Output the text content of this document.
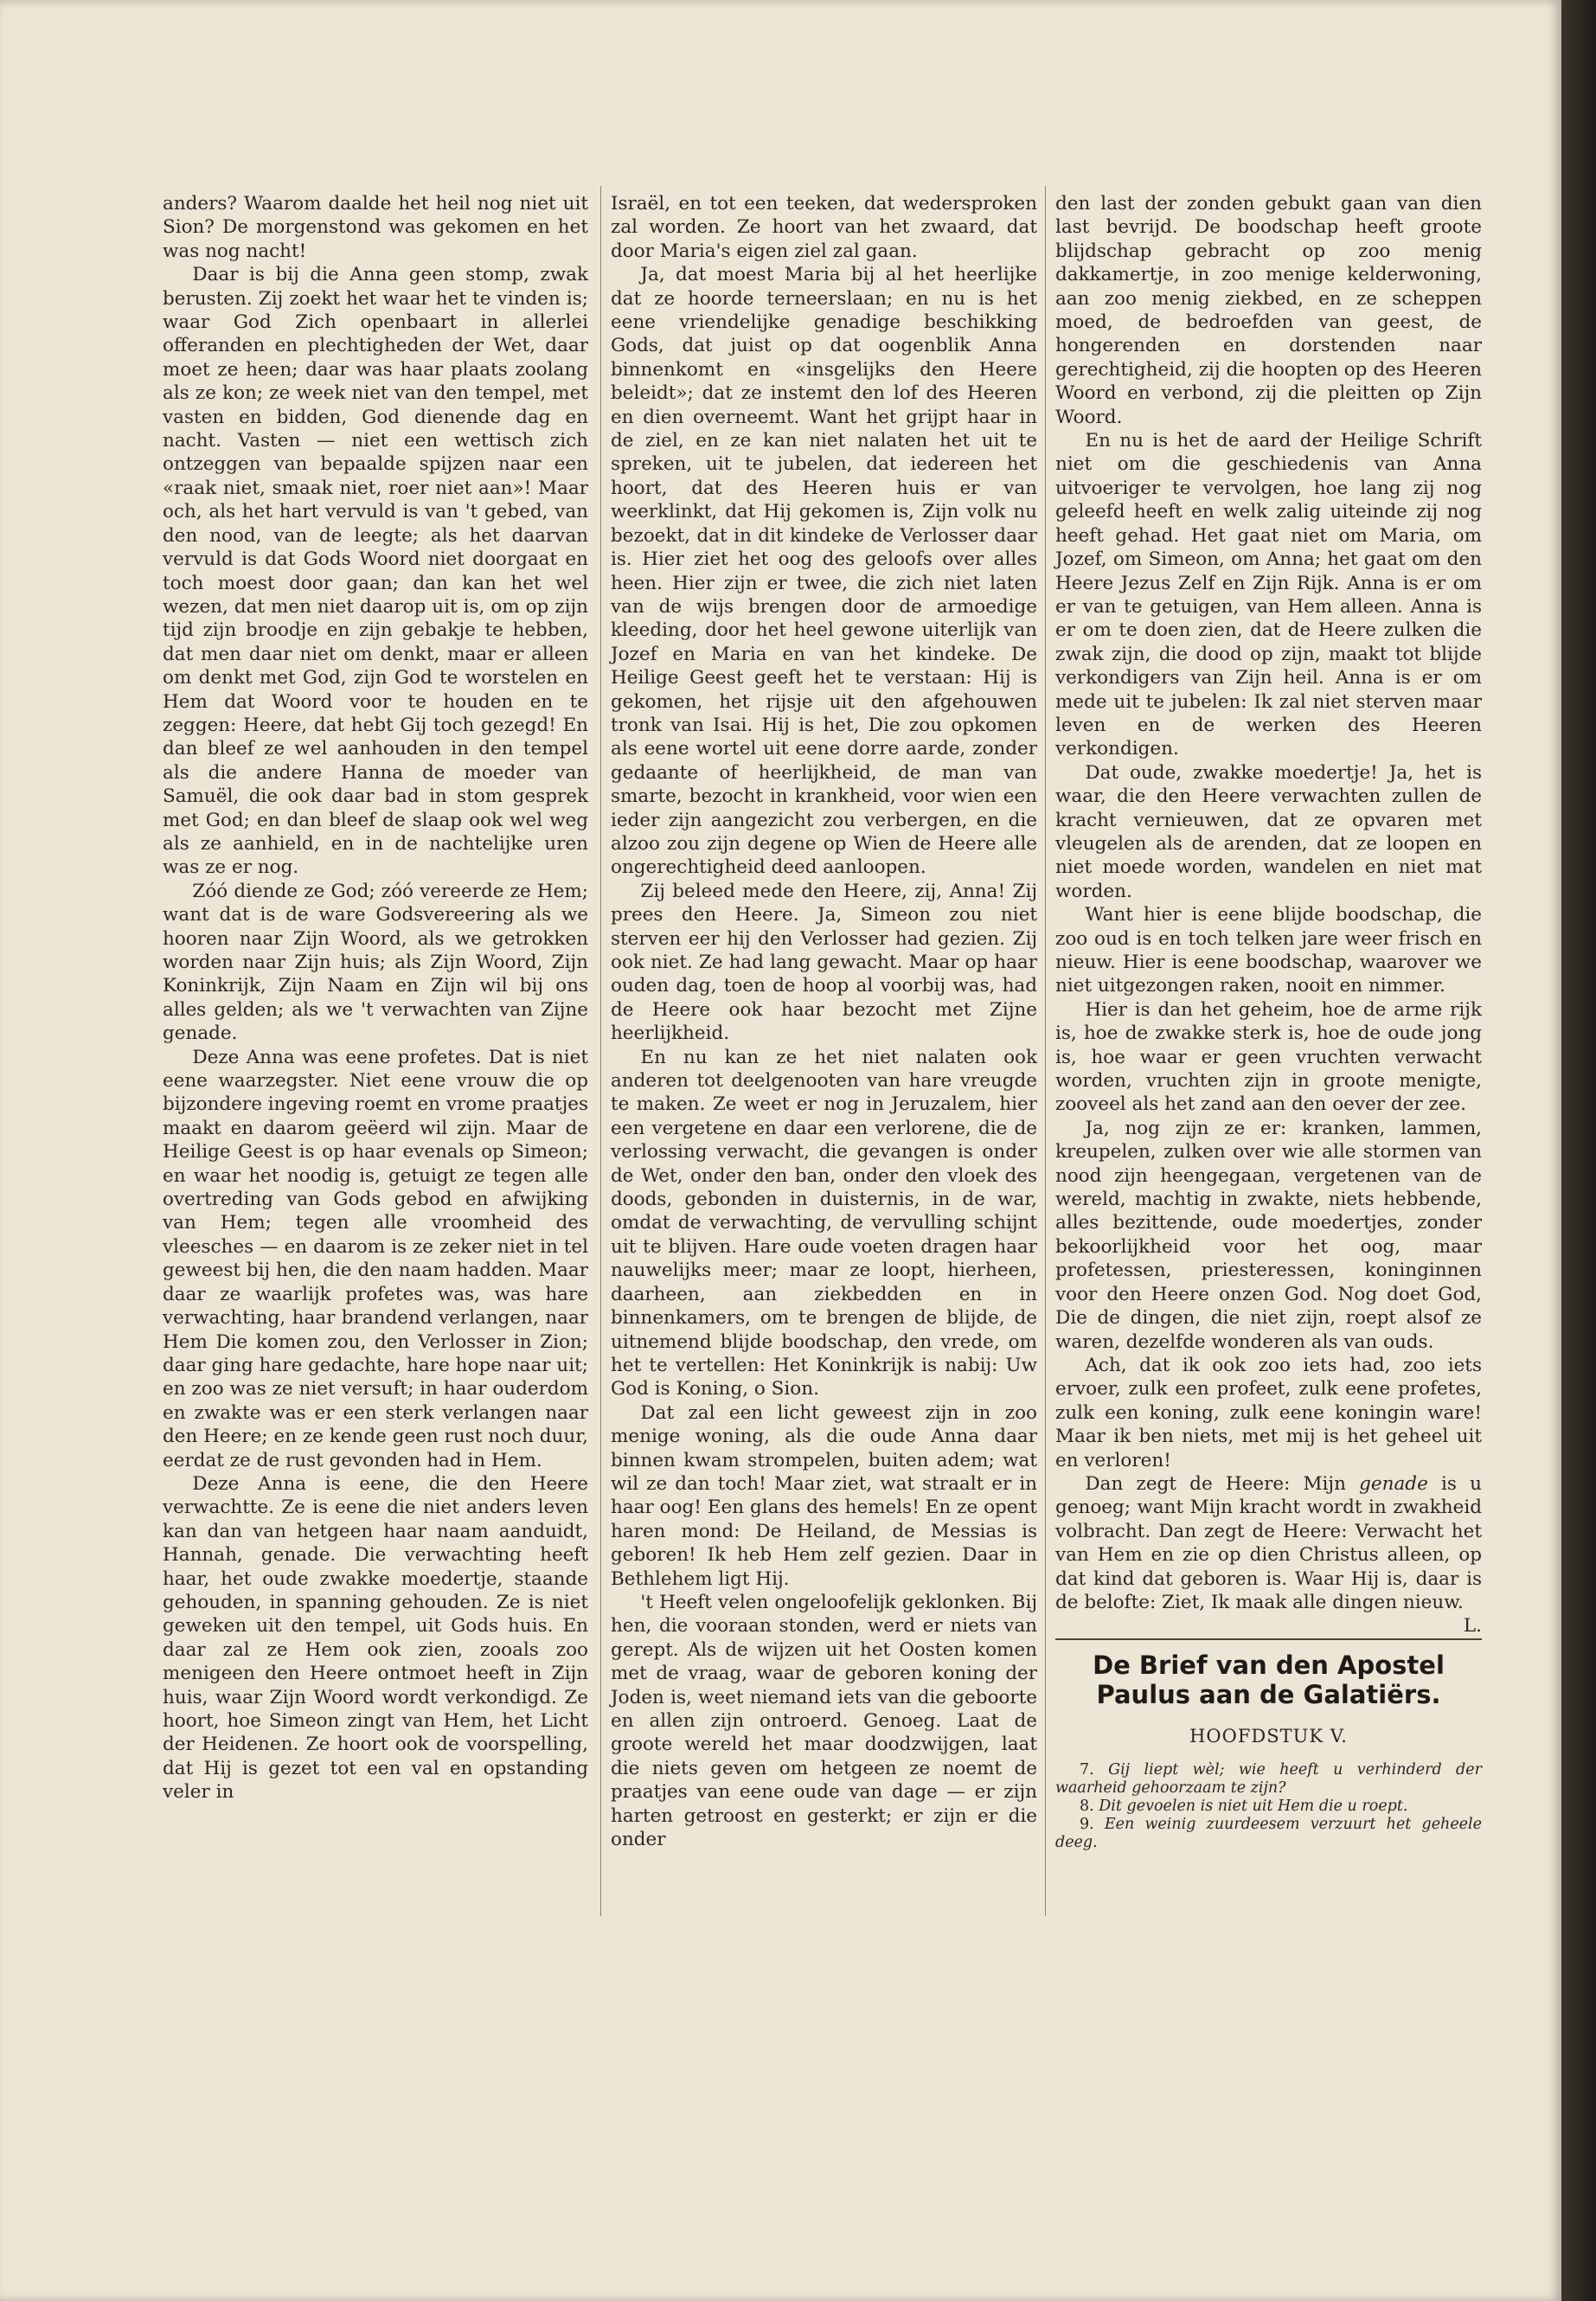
anders? Waarom daalde het heil nog niet uit Sion? De morgenstond was gekomen en het was nog nacht!

Daar is bij die Anna geen stomp, zwak berusten. Zij zoekt het waar het te vinden is; waar God Zich openbaart in allerlei offeranden en plechtigheden der Wet, daar moet ze heen; daar was haar plaats zoolang als ze kon; ze week niet van den tempel, met vasten en bidden, God dienende dag en nacht. Vasten — niet een wettisch zich ontzeggen van bepaalde spijzen naar een «raak niet, smaak niet, roer niet aan»! Maar och, als het hart vervuld is van 't gebed, van den nood, van de leegte; als het daarvan vervuld is dat Gods Woord niet doorgaat en toch moest door gaan; dan kan het wel wezen, dat men niet daarop uit is, om op zijn tijd zijn broodje en zijn gebakje te hebben, dat men daar niet om denkt, maar er alleen om denkt met God, zijn God te worstelen en Hem dat Woord voor te houden en te zeggen: Heere, dat hebt Gij toch gezegd! En dan bleef ze wel aanhouden in den tempel als die andere Hanna de moeder van Samuël, die ook daar bad in stom gesprek met God; en dan bleef de slaap ook wel weg als ze aanhield, en in de nachtelijke uren was ze er nog.

Zóó diende ze God; zóó vereerde ze Hem; want dat is de ware Godsvereering als we hooren naar Zijn Woord, als we getrokken worden naar Zijn huis; als Zijn Woord, Zijn Koninkrijk, Zijn Naam en Zijn wil bij ons alles gelden; als we 't verwachten van Zijne genade.

Deze Anna was eene profetes. Dat is niet eene waarzegster. Niet eene vrouw die op bijzondere ingeving roemt en vrome praatjes maakt en daarom geëerd wil zijn. Maar de Heilige Geest is op haar evenals op Simeon; en waar het noodig is, getuigt ze tegen alle overtreding van Gods gebod en afwijking van Hem; tegen alle vroomheid des vleesches — en daarom is ze zeker niet in tel geweest bij hen, die den naam hadden. Maar daar ze waarlijk profetes was, was hare verwachting, haar brandend verlangen, naar Hem Die komen zou, den Verlosser in Zion; daar ging hare gedachte, hare hope naar uit; en zoo was ze niet versuft; in haar ouderdom en zwakte was er een sterk verlangen naar den Heere; en ze kende geen rust noch duur, eerdat ze de rust gevonden had in Hem.

Deze Anna is eene, die den Heere verwachtte. Ze is eene die niet anders leven kan dan van hetgeen haar naam aanduidt, Hannah, genade. Die verwachting heeft haar, het oude zwakke moedertje, staande gehouden, in spanning gehouden. Ze is niet geweken uit den tempel, uit Gods huis. En daar zal ze Hem ook zien, zooals zoo menigeen den Heere ontmoet heeft in Zijn huis, waar Zijn Woord wordt verkondigd. Ze hoort, hoe Simeon zingt van Hem, het Licht der Heidenen. Ze hoort ook de voorspelling, dat Hij is gezet tot een val en opstanding veler in

Israël, en tot een teeken, dat wedersproken zal worden. Ze hoort van het zwaard, dat door Maria's eigen ziel zal gaan.

Ja, dat moest Maria bij al het heerlijke dat ze hoorde terneerslaan; en nu is het eene vriendelijke genadige beschikking Gods, dat juist op dat oogenblik Anna binnenkomt en «insgelijks den Heere beleidt»; dat ze instemt den lof des Heeren en dien overneemt. Want het grijpt haar in de ziel, en ze kan niet nalaten het uit te spreken, uit te jubelen, dat iedereen het hoort, dat des Heeren huis er van weerklinkt, dat Hij gekomen is, Zijn volk nu bezoekt, dat in dit kindeke de Verlosser daar is. Hier ziet het oog des geloofs over alles heen. Hier zijn er twee, die zich niet laten van de wijs brengen door de armoedige kleeding, door het heel gewone uiterlijk van Jozef en Maria en van het kindeke. De Heilige Geest geeft het te verstaan: Hij is gekomen, het rijsje uit den afgehouwen tronk van Isai. Hij is het, Die zou opkomen als eene wortel uit eene dorre aarde, zonder gedaante of heerlijkheid, de man van smarte, bezocht in krankheid, voor wien een ieder zijn aangezicht zou verbergen, en die alzoo zou zijn degene op Wien de Heere alle ongerechtigheid deed aanloopen.

Zij beleed mede den Heere, zij, Anna! Zij prees den Heere. Ja, Simeon zou niet sterven eer hij den Verlosser had gezien. Zij ook niet. Ze had lang gewacht. Maar op haar ouden dag, toen de hoop al voorbij was, had de Heere ook haar bezocht met Zijne heerlijkheid.

En nu kan ze het niet nalaten ook anderen tot deelgenooten van hare vreugde te maken. Ze weet er nog in Jeruzalem, hier een vergetene en daar een verlorene, die de verlossing verwacht, die gevangen is onder de Wet, onder den ban, onder den vloek des doods, gebonden in duisternis, in de war, omdat de verwachting, de vervulling schijnt uit te blijven. Hare oude voeten dragen haar nauwelijks meer; maar ze loopt, hierheen, daarheen, aan ziekbedden en in binnenkamers, om te brengen de blijde, de uitnemend blijde boodschap, den vrede, om het te vertellen: Het Koninkrijk is nabij: Uw God is Koning, o Sion.

Dat zal een licht geweest zijn in zoo menige woning, als die oude Anna daar binnen kwam strompelen, buiten adem; wat wil ze dan toch! Maar ziet, wat straalt er in haar oog! Een glans des hemels! En ze opent haren mond: De Heiland, de Messias is geboren! Ik heb Hem zelf gezien. Daar in Bethlehem ligt Hij.

't Heeft velen ongeloofelijk geklonken. Bij hen, die vooraan stonden, werd er niets van gerept. Als de wijzen uit het Oosten komen met de vraag, waar de geboren koning der Joden is, weet niemand iets van die geboorte en allen zijn ontroerd. Genoeg. Laat de groote wereld het maar doodzwijgen, laat die niets geven om hetgeen ze noemt de praatjes van eene oude van dage — er zijn harten getroost en gesterkt; er zijn er die onder

den last der zonden gebukt gaan van dien last bevrijd. De boodschap heeft groote blijdschap gebracht op zoo menig dakkamertje, in zoo menige kelderwoning, aan zoo menig ziekbed, en ze scheppen moed, de bedroefden van geest, de hongerenden en dorstenden naar gerechtigheid, zij die hoopten op des Heeren Woord en verbond, zij die pleitten op Zijn Woord.

En nu is het de aard der Heilige Schrift niet om die geschiedenis van Anna uitvoeriger te vervolgen, hoe lang zij nog geleefd heeft en welk zalig uiteinde zij nog heeft gehad. Het gaat niet om Maria, om Jozef, om Simeon, om Anna; het gaat om den Heere Jezus Zelf en Zijn Rijk. Anna is er om er van te getuigen, van Hem alleen. Anna is er om te doen zien, dat de Heere zulken die zwak zijn, die dood op zijn, maakt tot blijde verkondigers van Zijn heil. Anna is er om mede uit te jubelen: Ik zal niet sterven maar leven en de werken des Heeren verkondigen.

Dat oude, zwakke moedertje! Ja, het is waar, die den Heere verwachten zullen de kracht vernieuwen, dat ze opvaren met vleugelen als de arenden, dat ze loopen en niet moede worden, wandelen en niet mat worden.

Want hier is eene blijde boodschap, die zoo oud is en toch telken jare weer frisch en nieuw. Hier is eene boodschap, waarover we niet uitgezongen raken, nooit en nimmer.

Hier is dan het geheim, hoe de arme rijk is, hoe de zwakke sterk is, hoe de oude jong is, hoe waar er geen vruchten verwacht worden, vruchten zijn in groote menigte, zooveel als het zand aan den oever der zee.

Ja, nog zijn ze er: kranken, lammen, kreupelen, zulken over wie alle stormen van nood zijn heengegaan, vergetenen van de wereld, machtig in zwakte, niets hebbende, alles bezittende, oude moedertjes, zonder bekoorlijkheid voor het oog, maar profetessen, priesteressen, koninginnen voor den Heere onzen God. Nog doet God, Die de dingen, die niet zijn, roept alsof ze waren, dezelfde wonderen als van ouds.

Ach, dat ik ook zoo iets had, zoo iets ervoer, zulk een profeet, zulk eene profetes, zulk een koning, zulk eene koningin ware! Maar ik ben niets, met mij is het geheel uit en verloren!

Dan zegt de Heere: Mijn genade is u genoeg; want Mijn kracht wordt in zwakheid volbracht. Dan zegt de Heere: Verwacht het van Hem en zie op dien Christus alleen, op dat kind dat geboren is. Waar Hij is, daar is de belofte: Ziet, Ik maak alle dingen nieuw.
L.

De Brief van den Apostel Paulus aan de Galatiërs.
HOOFDSTUK V.

7. Gij liept wèl; wie heeft u verhinderd der waarheid gehoorzaam te zijn?

8. Dit gevoelen is niet uit Hem die u roept.

9. Een weinig zuurdeesem verzuurt het geheele deeg.
